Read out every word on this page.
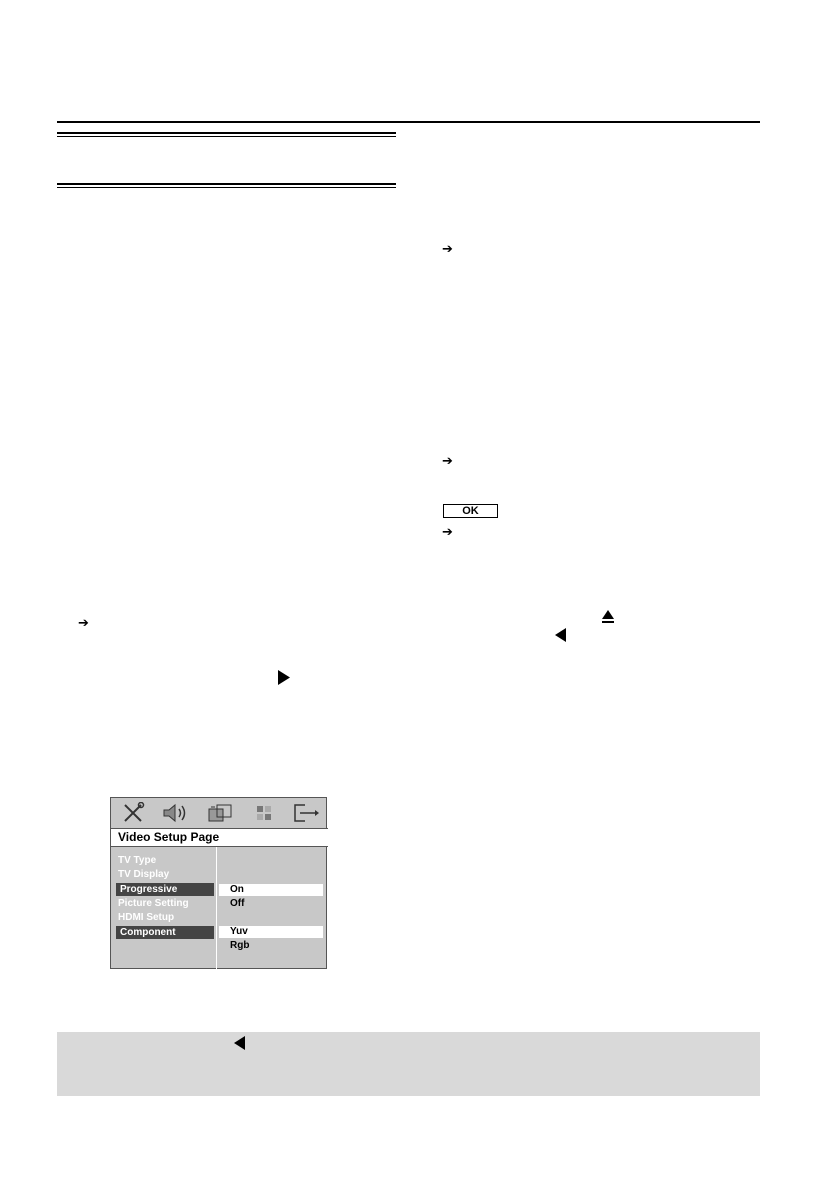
➔
➔
➔
➔
OK
Video Setup Page
TV Type
TV Display
Progressive
Picture Setting
HDMI Setup
Component
On
Off
Yuv
Rgb
